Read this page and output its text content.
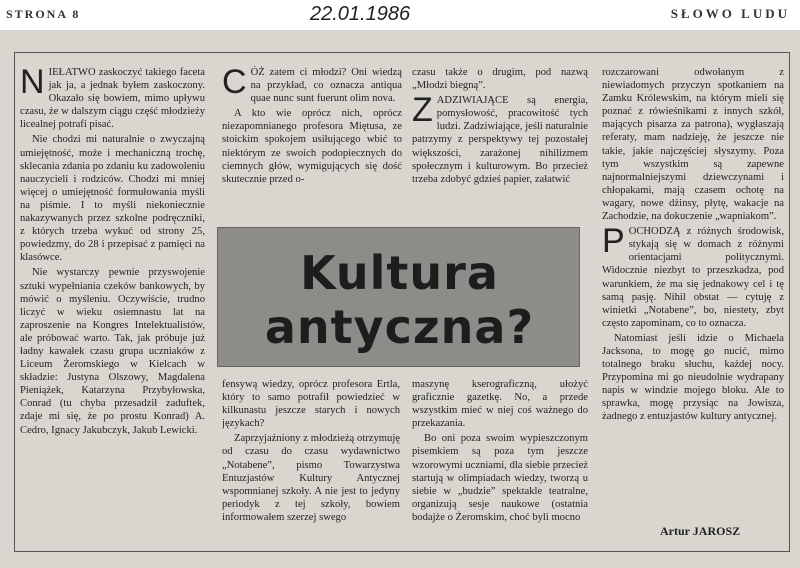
STRONA 8	22.01.1986	SŁOWO LUDU

NIEŁATWO zaskoczyć takiego faceta jak ja, a jednak byłem zaskoczony. Okazało się bowiem, mimo upływu czasu, że w dalszym ciągu część młodzieży licealnej potrafi pisać.

Nie chodzi mi naturalnie o zwyczajną umiejętność, może i mechaniczną trochę, sklecania zdania po zdaniu ku zadowoleniu nauczycieli i rodziców. Chodzi mi mniej więcej o umiejętność formułowania myśli na piśmie. I to myśli niekoniecznie nakazywanych przez szkolne podręczniki, z których trzeba wykuć od strony 25, powiedzmy, do 28 i przepisać z pamięci na klasówce.

Nie wystarczy pewnie przyswojenie sztuki wypełniania czeków bankowych, by mówić o myśleniu. Oczywiście, trudno liczyć w wieku osiemnastu lat na zaproszenie na Kongres Intelektualistów, ale próbować warto. Tak, jak próbuje już ładny kawałek czasu grupa uczniaków z Liceum Żeromskiego w Kielcach w składzie: Justyna Olszowy, Magdalena Pieniążek, Katarzyna Przybyłowska, Conrad (tu chyba przesadził zaduftek, zdaje mi się, że po prostu Konrad) A. Cedro, Ignacy Jakubczyk, Jakub Lewicki.

CÓŻ zatem ci młodzi? Oni wiedzą na przykład, co oznacza antiqua quae nunc sunt fuerunt olim nova.

A kto wie oprócz nich, oprócz niezapomnianego profesora Miętusa, ze stoickim spokojem usiłującego wbić to niektórym ze swoich podopiecznych do ciemnych głów, wymigujących się dość skutecznie przed o-

czasu także o drugim, pod nazwą „Młodzi biegną”.

ZADZIWIAJĄCE są energia, pomysłowość, pracowitość tych ludzi. Zadziwiające, jeśli naturalnie patrzymy z perspektywy tej pozostałej większości, zarażonej nihilizmem społecznym i kulturowym. Bo przecież trzeba zdobyć gdzieś papier, załatwić

Kultura
antyczna?

fensywą wiedzy, oprócz profesora Ertla, który to samo potrafił powiedzieć w kilkunastu jeszcze starych i nowych językach?

Zaprzyjaźniony z młodzieżą otrzymuję od czasu do czasu wydawnictwo „Notabene”, pismo Towarzystwa Entuzjastów Kultury Antycznej wspomnianej szkoły. A nie jest to jedyny periodyk z tej szkoły, bowiem informowałem szerzej swego

maszynę kserograficzną, ułożyć graficznie gazetkę. No, a przede wszystkim mieć w niej coś ważnego do przekazania.

Bo oni poza swoim wypieszczonym pisemkiem są poza tym jeszcze wzorowymi uczniami, dla siebie przecież startują w olimpiadach wiedzy, tworzą u siebie w „budzie” spektakle teatralne, organizują sesje naukowe (ostatnia bodajże o Żeromskim, choć byli mocno

rozczarowani odwołanym z niewiadomych przyczyn spotkaniem na Zamku Królewskim, na którym mieli się poznać z rówieśnikami z innych szkół, mających pisarza za patrona), wygłaszają referaty, mam nadzieję, że jeszcze nie takie, jakie najczęściej słyszymy. Poza tym wszystkim są zapewne najnormalniejszymi dziewczynami i chłopakami, mają czasem ochotę na wagary, nowe dżinsy, płytę, wakacje na Zachodzie, na dokuczenie „wapniakom”.

POCHODZĄ z różnych środowisk, stykają się w domach z różnymi orientacjami politycznymi. Widocznie niezbyt to przeszkadza, pod warunkiem, że ma się jednakowy cel i tę samą pasję. Nihil obstat — cytuję z winietki „Notabene”, bo, niestety, zbyt często zapominam, co to oznacza.

Natomiast jeśli idzie o Michaela Jacksona, to mogę go nucić, mimo totalnego braku słuchu, każdej nocy. Przypomina mi go nieudolnie wydrapany napis w windzie mojego bloku. Ale to sprawka, mogę przysiąc na Jowisza, żadnego z entuzjastów kultury antycznej.

Artur JAROSZ
